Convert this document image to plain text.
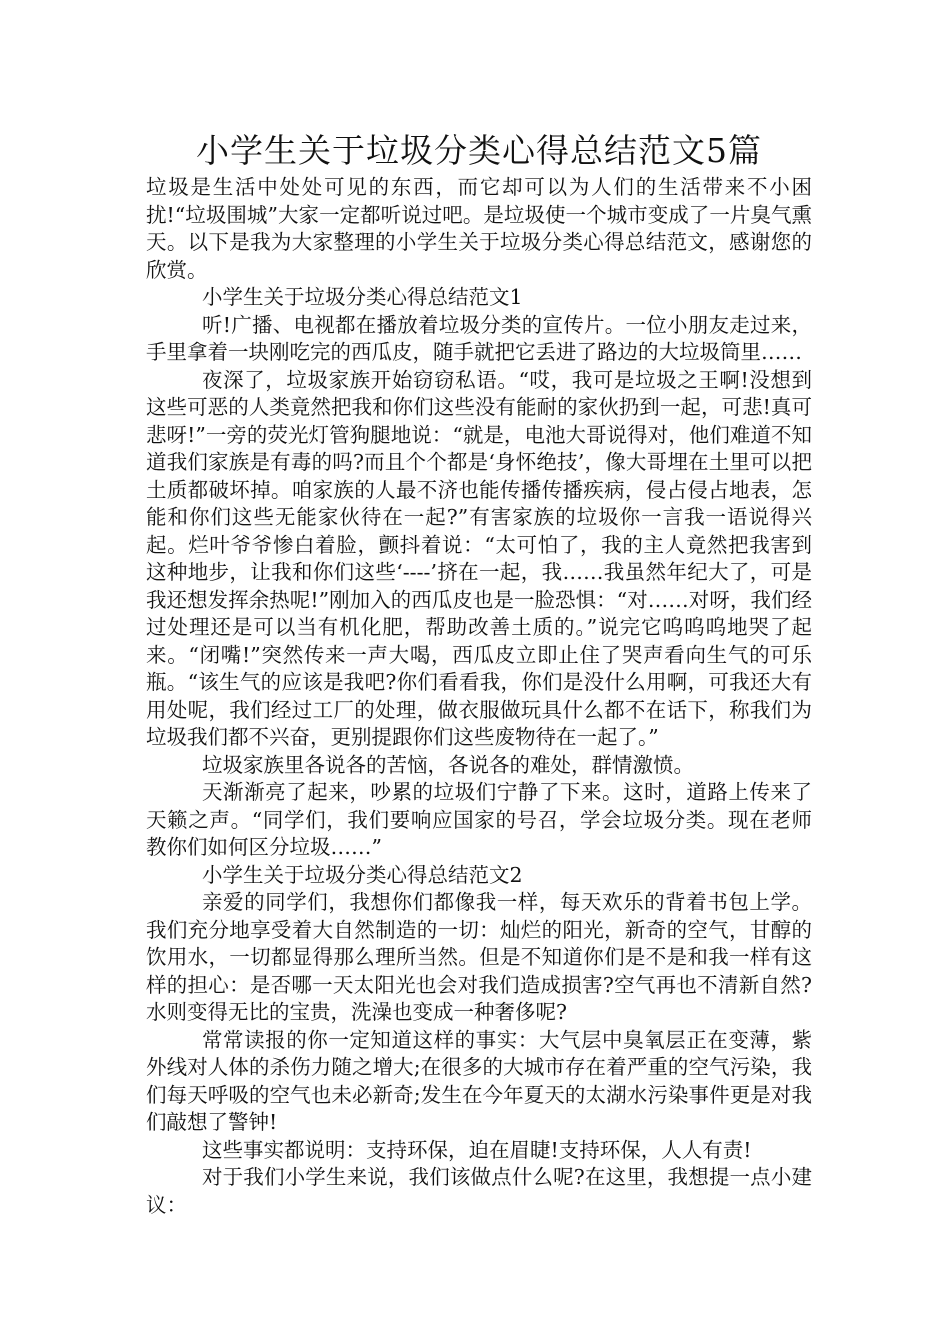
小学生关于垃圾分类心得总结范文5篇

垃圾是生活中处处可见的东西，而它却可以为人们的生活带来不小困扰!“垃圾围城”大家一定都听说过吧。是垃圾使一个城市变成了一片臭气熏天。以下是我为大家整理的小学生关于垃圾分类心得总结范文，感谢您的欣赏。

小学生关于垃圾分类心得总结范文1

听!广播、电视都在播放着垃圾分类的宣传片。一位小朋友走过来，手里拿着一块刚吃完的西瓜皮，随手就把它丢进了路边的大垃圾筒里……

夜深了，垃圾家族开始窃窃私语。“哎，我可是垃圾之王啊!没想到这些可恶的人类竟然把我和你们这些没有能耐的家伙扔到一起，可悲!真可悲呀!”一旁的荧光灯管狗腿地说：“就是，电池大哥说得对，他们难道不知道我们家族是有毒的吗?而且个个都是‘身怀绝技’，像大哥埋在土里可以把土质都破坏掉。咱家族的人最不济也能传播传播疾病，侵占侵占地表，怎能和你们这些无能家伙待在一起?”有害家族的垃圾你一言我一语说得兴起。烂叶爷爷惨白着脸，颤抖着说：“太可怕了，我的主人竟然把我害到这种地步，让我和你们这些‘----’挤在一起，我……我虽然年纪大了，可是我还想发挥余热呢!”刚加入的西瓜皮也是一脸恐惧：“对……对呀，我们经过处理还是可以当有机化肥，帮助改善土质的。”说完它呜呜呜地哭了起来。“闭嘴!”突然传来一声大喝，西瓜皮立即止住了哭声看向生气的可乐瓶。“该生气的应该是我吧?你们看看我，你们是没什么用啊，可我还大有用处呢，我们经过工厂的处理，做衣服做玩具什么都不在话下，称我们为垃圾我们都不兴奋，更别提跟你们这些废物待在一起了。”

垃圾家族里各说各的苦恼，各说各的难处，群情激愤。

天渐渐亮了起来，吵累的垃圾们宁静了下来。这时，道路上传来了天籁之声。“同学们，我们要响应国家的号召，学会垃圾分类。现在老师教你们如何区分垃圾……”

小学生关于垃圾分类心得总结范文2

亲爱的同学们，我想你们都像我一样，每天欢乐的背着书包上学。我们充分地享受着大自然制造的一切：灿烂的阳光，新奇的空气，甘醇的饮用水，一切都显得那么理所当然。但是不知道你们是不是和我一样有这样的担心：是否哪一天太阳光也会对我们造成损害?空气再也不清新自然?水则变得无比的宝贵，洗澡也变成一种奢侈呢?

常常读报的你一定知道这样的事实：大气层中臭氧层正在变薄，紫外线对人体的杀伤力随之增大;在很多的大城市存在着严重的空气污染，我们每天呼吸的空气也未必新奇;发生在今年夏天的太湖水污染事件更是对我们敲想了警钟!

这些事实都说明：支持环保，迫在眉睫!支持环保，人人有责!

对于我们小学生来说，我们该做点什么呢?在这里，我想提一点小建议：
